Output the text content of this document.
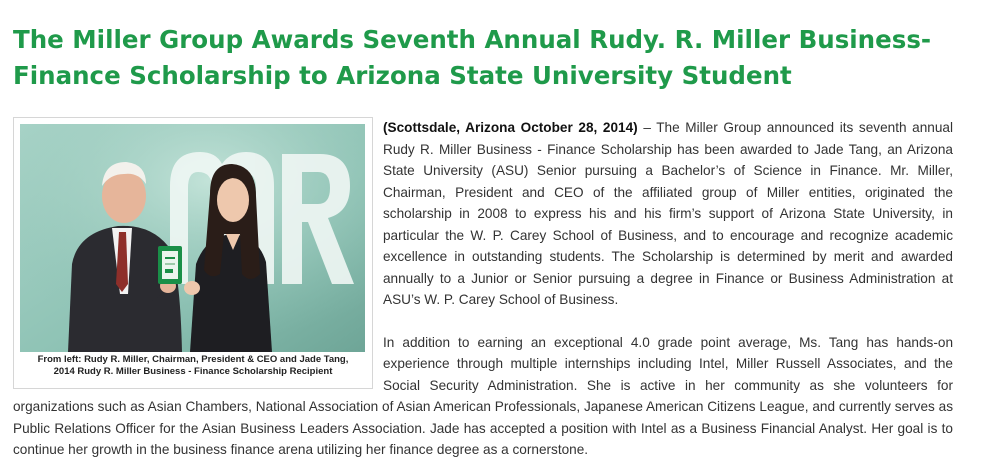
The Miller Group Awards Seventh Annual Rudy. R. Miller Business-Finance Scholarship to Arizona State University Student
From left: Rudy R. Miller, Chairman, President & CEO and Jade Tang,
2014 Rudy R. Miller Business - Finance Scholarship Recipient

(Scottsdale, Arizona October 28, 2014) – The Miller Group announced its seventh annual Rudy R. Miller Business - Finance Scholarship has been awarded to Jade Tang, an Arizona State University (ASU) Senior pursuing a Bachelor’s of Science in Finance. Mr. Miller, Chairman, President and CEO of the affiliated group of Miller entities, originated the scholarship in 2008 to express his and his firm’s support of Arizona State University, in particular the W. P. Carey School of Business, and to encourage and recognize academic excellence in outstanding students. The Scholarship is determined by merit and awarded annually to a Junior or Senior pursuing a degree in Finance or Business Administration at ASU’s W. P. Carey School of Business.

In addition to earning an exceptional 4.0 grade point average, Ms. Tang has hands-on experience through multiple internships including Intel, Miller Russell Associates, and the Social Security Administration. She is active in her community as she volunteers for organizations such as Asian Chambers, National Association of Asian American Professionals, Japanese American Citizens League, and currently serves as Public Relations Officer for the Asian Business Leaders Association. Jade has accepted a position with Intel as a Business Financial Analyst. Her goal is to continue her growth in the business finance arena utilizing her finance degree as a cornerstone.
